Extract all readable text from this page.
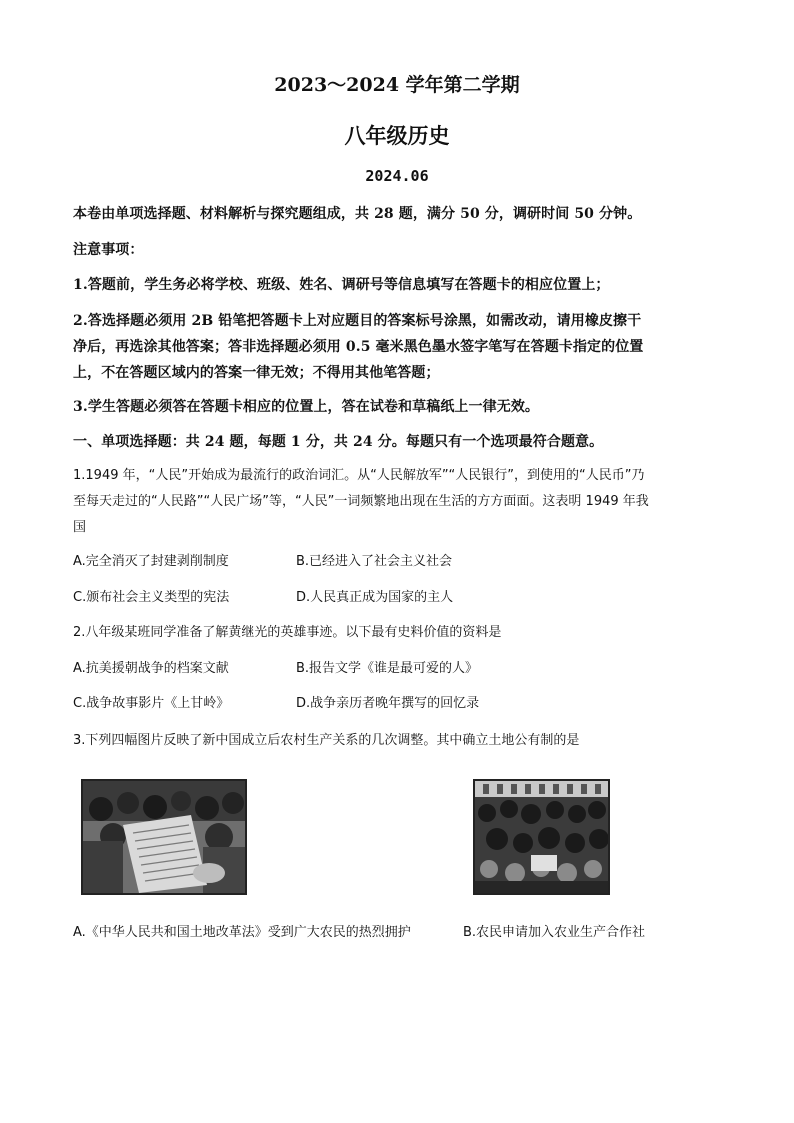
2023～2024 学年第二学期
八年级历史
2024.06
本卷由单项选择题、材料解析与探究题组成，共 28 题，满分 50 分，调研时间 50 分钟。
注意事项：
1.答题前，学生务必将学校、班级、姓名、调研号等信息填写在答题卡的相应位置上；
2.答选择题必须用 2B 铅笔把答题卡上对应题目的答案标号涂黑，如需改动，请用橡皮擦干
净后，再选涂其他答案；答非选择题必须用 0.5 毫米黑色墨水签字笔写在答题卡指定的位置
上，不在答题区域内的答案一律无效；不得用其他笔答题；
3.学生答题必须答在答题卡相应的位置上，答在试卷和草稿纸上一律无效。
一、单项选择题：共 24 题，每题 1 分，共 24 分。每题只有一个选项最符合题意。
1.1949 年，“人民”开始成为最流行的政治词汇。从“人民解放军”“人民银行”，到使用的“人民币”乃
至每天走过的“人民路”“人民广场”等，“人民”一词频繁地出现在生活的方方面面。这表明 1949 年我
国
A.完全消灭了封建剥削制度	B.已经进入了社会主义社会
C.颁布社会主义类型的宪法	D.人民真正成为国家的主人
2.八年级某班同学准备了解黄继光的英雄事迹。以下最有史料价值的资料是
A.抗美援朝战争的档案文献	B.报告文学《谁是最可爱的人》
C.战争故事影片《上甘岭》	D.战争亲历者晚年撰写的回忆录
3.下列四幅图片反映了新中国成立后农村生产关系的几次调整。其中确立土地公有制的是
A.《中华人民共和国土地改革法》受到广大农民的热烈拥护	B.农民申请加入农业生产合作社
